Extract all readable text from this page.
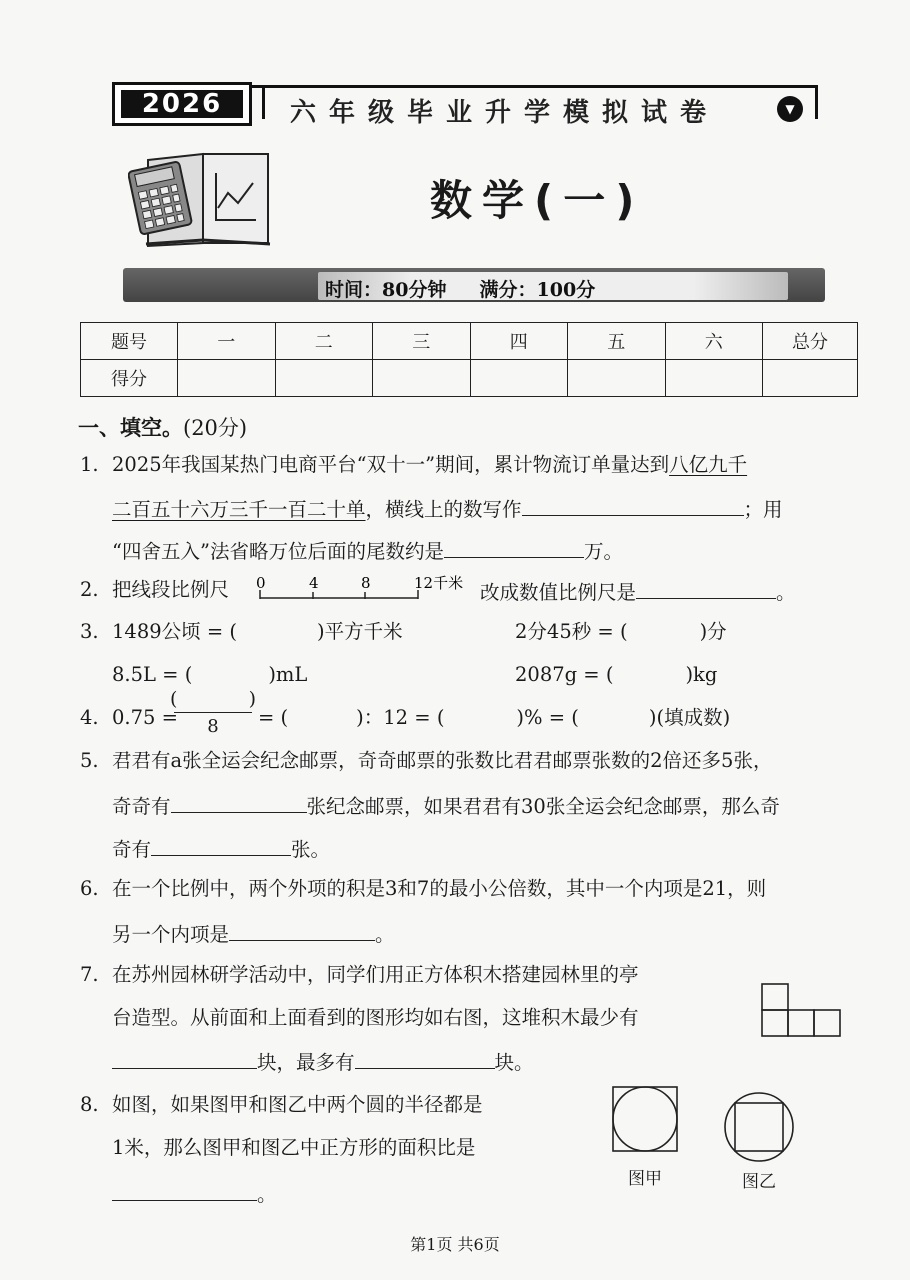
2026	六年级毕业升学模拟试卷	▼
数学(一)
时间：80分钟 满分：100分
题号	一	二	三	四	五	六	总分
得分							
一、填空。(20分)
1. 2025年我国某热门电商平台“双十一”期间，累计物流订单量达到八亿九千
二百五十六万三千一百二十单，横线上的数写作	；用
“四舍五入”法省略万位后面的尾数约是	万。
2. 把线段比例尺 0	4	8	12千米 改成数值比例尺是	。
3. 1489公顷 = (	)平方千米	2分45秒 = (	)分
8.5L = (	)mL	2087g = (	)kg
4. 0.75 =
(	)
8	= (	)：12 = (	)% = (	)(填成数)
5. 君君有a张全运会纪念邮票，奇奇邮票的张数比君君邮票张数的2倍还多5张，
奇奇有	张纪念邮票，如果君君有30张全运会纪念邮票，那么奇
奇有	张。
6. 在一个比例中，两个外项的积是3和7的最小公倍数，其中一个内项是21，则
另一个内项是	。
7. 在苏州园林研学活动中，同学们用正方体积木搭建园林里的亭
台造型。从前面和上面看到的图形均如右图，这堆积木最少有
块，最多有	块。
8. 如图，如果图甲和图乙中两个圆的半径都是
1米，那么图甲和图乙中正方形的面积比是
。
图甲	图乙
第1页 共6页
